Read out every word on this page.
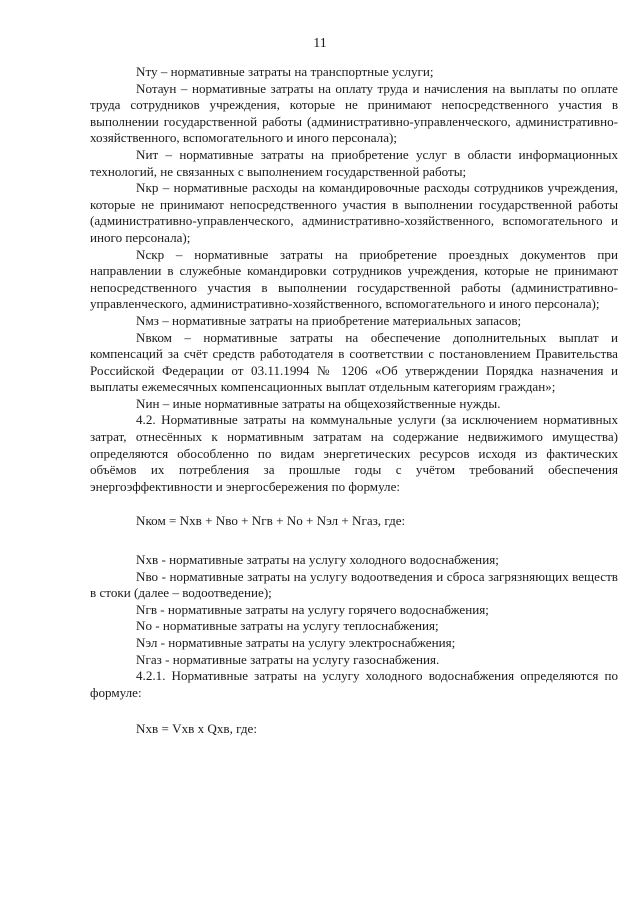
11

Nту – нормативные затраты на транспортные услуги;

Nотаун – нормативные затраты на оплату труда и начисления на выплаты по оплате труда сотрудников учреждения, которые не принимают непосредственного участия в выполнении государственной работы (административно-управленческого, административно-хозяйственного, вспомогательного и иного персонала);

Nит – нормативные затраты на приобретение услуг в области информационных технологий, не связанных с выполнением государственной работы;

Nкр – нормативные расходы на командировочные расходы сотрудников учреждения, которые не принимают непосредственного участия в выполнении государственной работы (административно-управленческого, административно-хозяйственного, вспомогательного и иного персонала);

Nскр – нормативные затраты на приобретение проездных документов при направлении в служебные командировки сотрудников учреждения, которые не принимают непосредственного участия в выполнении государственной работы (административно-управленческого, административно-хозяйственного, вспомогательного и иного персонала);

Nмз – нормативные затраты на приобретение материальных запасов;

Nвком – нормативные затраты на обеспечение дополнительных выплат и компенсаций за счёт средств работодателя в соответствии с постановлением Правительства Российской Федерации от 03.11.1994 № 1206 «Об утверждении Порядка назначения и выплаты ежемесячных компенсационных выплат отдельным категориям граждан»;

Nин – иные нормативные затраты на общехозяйственные нужды.

4.2. Нормативные затраты на коммунальные услуги (за исключением нормативных затрат, отнесённых к нормативным затратам на содержание недвижимого имущества) определяются обособленно по видам энергетических ресурсов исходя из фактических объёмов их потребления за прошлые годы с учётом требований обеспечения энергоэффективности и энергосбережения по формуле:

Nком = Nхв + Nво + Nгв + Nо + Nэл + Nгаз, где:

Nхв - нормативные затраты на услугу холодного водоснабжения;

Nво - нормативные затраты на услугу водоотведения и сброса загрязняющих веществ в стоки (далее – водоотведение);

Nгв - нормативные затраты на услугу горячего водоснабжения;

Nо - нормативные затраты на услугу теплоснабжения;

Nэл - нормативные затраты на услугу электроснабжения;

Nгаз - нормативные затраты на услугу газоснабжения.

4.2.1. Нормативные затраты на услугу холодного водоснабжения определяются по формуле:

Nхв = Vхв х Qхв, где:
